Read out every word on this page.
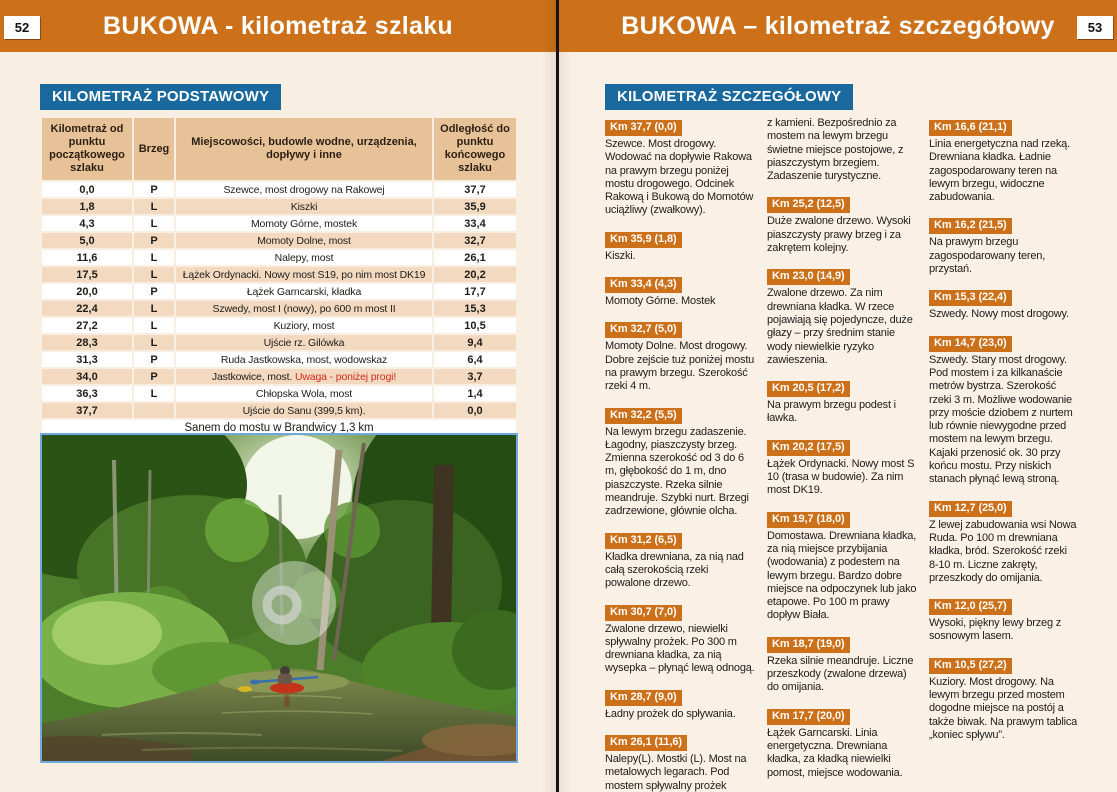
52	BUKOWA - kilometraż szlaku
KILOMETRAŻ PODSTAWOWY
Kilometraż od punktu początkowego szlaku	Brzeg	Miejscowości, budowle wodne, urządzenia, dopływy i inne	Odległość do punktu końcowego szlaku
0,0	P	Szewce, most drogowy na Rakowej	37,7
1,8	L	Kiszki	35,9
4,3	L	Momoty Górne, mostek	33,4
5,0	P	Momoty Dolne, most	32,7
11,6	L	Nalepy, most	26,1
17,5	L	Łążek Ordynacki. Nowy most S19, po nim most DK19	20,2
20,0	P	Łążek Garncarski, kładka	17,7
22,4	L	Szwedy, most I (nowy), po 600 m most II	15,3
27,2	L	Kuziory, most	10,5
28,3	L	Ujście rz. Gilówka	9,4
31,3	P	Ruda Jastkowska, most, wodowskaz	6,4
34,0	P	Jastkowice, most. Uwaga - poniżej progi!	3,7
36,3	L	Chłopska Wola, most	1,4
37,7		Ujście do Sanu (399,5 km).	0,0
Sanem do mostu w Brandwicy 1,3 km			
BUKOWA – kilometraż szczegółowy	53
KILOMETRAŻ SZCZEGÓŁOWY
Km 37,7 (0,0)
Szewce. Most drogowy. Wodować na dopływie Rakowa na prawym brzegu poniżej mostu drogowego. Odcinek Rakową i Bukową do Momotów uciążliwy (zwałkowy).
Km 35,9 (1,8)
Kiszki.
Km 33,4 (4,3)
Momoty Górne. Mostek
Km 32,7 (5,0)
Momoty Dolne. Most drogowy. Dobre zejście tuż poniżej mostu na prawym brzegu. Szerokość rzeki 4 m.
Km 32,2 (5,5)
Na lewym brzegu zadaszenie. Łagodny, piaszczysty brzeg. Zmienna szerokość od 3 do 6 m, głębokość do 1 m, dno piaszczyste. Rzeka silnie meandruje. Szybki nurt. Brzegi zadrzewione, głównie olcha.
Km 31,2 (6,5)
Kładka drewniana, za nią nad całą szerokością rzeki powalone drzewo.
Km 30,7 (7,0)
Zwalone drzewo, niewielki spływalny prożek. Po 300 m drewniana kładka, za nią wysepka – płynąć lewą odnogą.
Km 28,7 (9,0)
Ładny prożek do spływania.
Km 26,1 (11,6)
Nalepy(L). Mostki (L). Most na metalowych legarach. Pod mostem spływalny prożek
z kamieni. Bezpośrednio za mostem na lewym brzegu świetne miejsce postojowe, z piaszczystym brzegiem. Zadaszenie turystyczne.
Km 25,2 (12,5)
Duże zwalone drzewo. Wysoki piaszczysty prawy brzeg i za zakrętem kolejny.
Km 23,0 (14,9)
Zwalone drzewo. Za nim drewniana kładka. W rzece pojawiają się pojedyncze, duże głazy – przy średnim stanie wody niewielkie ryzyko zawieszenia.
Km 20,5 (17,2)
Na prawym brzegu podest i ławka.
Km 20,2 (17,5)
Łążek Ordynacki. Nowy most S 10 (trasa w budowie). Za nim most DK19.
Km 19,7 (18,0)
Domostawa. Drewniana kładka, za nią miejsce przybijania (wodowania) z podestem na lewym brzegu. Bardzo dobre miejsce na odpoczynek lub jako etapowe. Po 100 m prawy dopływ Biała.
Km 18,7 (19,0)
Rzeka silnie meandruje. Liczne przeszkody (zwalone drzewa) do omijania.
Km 17,7 (20,0)
Łążek Garncarski. Linia energetyczna. Drewniana kładka, za kładką niewielki pomost, miejsce wodowania.
Km 16,6 (21,1)
Linia energetyczna nad rzeką. Drewniana kładka. Ładnie zagospodarowany teren na lewym brzegu, widoczne zabudowania.
Km 16,2 (21,5)
Na prawym brzegu zagospodarowany teren, przystań.
Km 15,3 (22,4)
Szwedy. Nowy most drogowy.
Km 14,7 (23,0)
Szwedy. Stary most drogowy. Pod mostem i za kilkanaście metrów bystrza. Szerokość rzeki 3 m. Możliwe wodowanie przy moście dziobem z nurtem lub równie niewygodne przed mostem na lewym brzegu. Kajaki przenosić ok. 30 przy końcu mostu. Przy niskich stanach płynąć lewą stroną.
Km 12,7 (25,0)
Z lewej zabudowania wsi Nowa Ruda. Po 100 m drewniana kładka, bród. Szerokość rzeki 8-10 m. Liczne zakręty, przeszkody do omijania.
Km 12,0 (25,7)
Wysoki, piękny lewy brzeg z sosnowym lasem.
Km 10,5 (27,2)
Kuziory. Most drogowy. Na lewym brzegu przed mostem dogodne miejsce na postój a także biwak. Na prawym tablica „koniec spływu”.
